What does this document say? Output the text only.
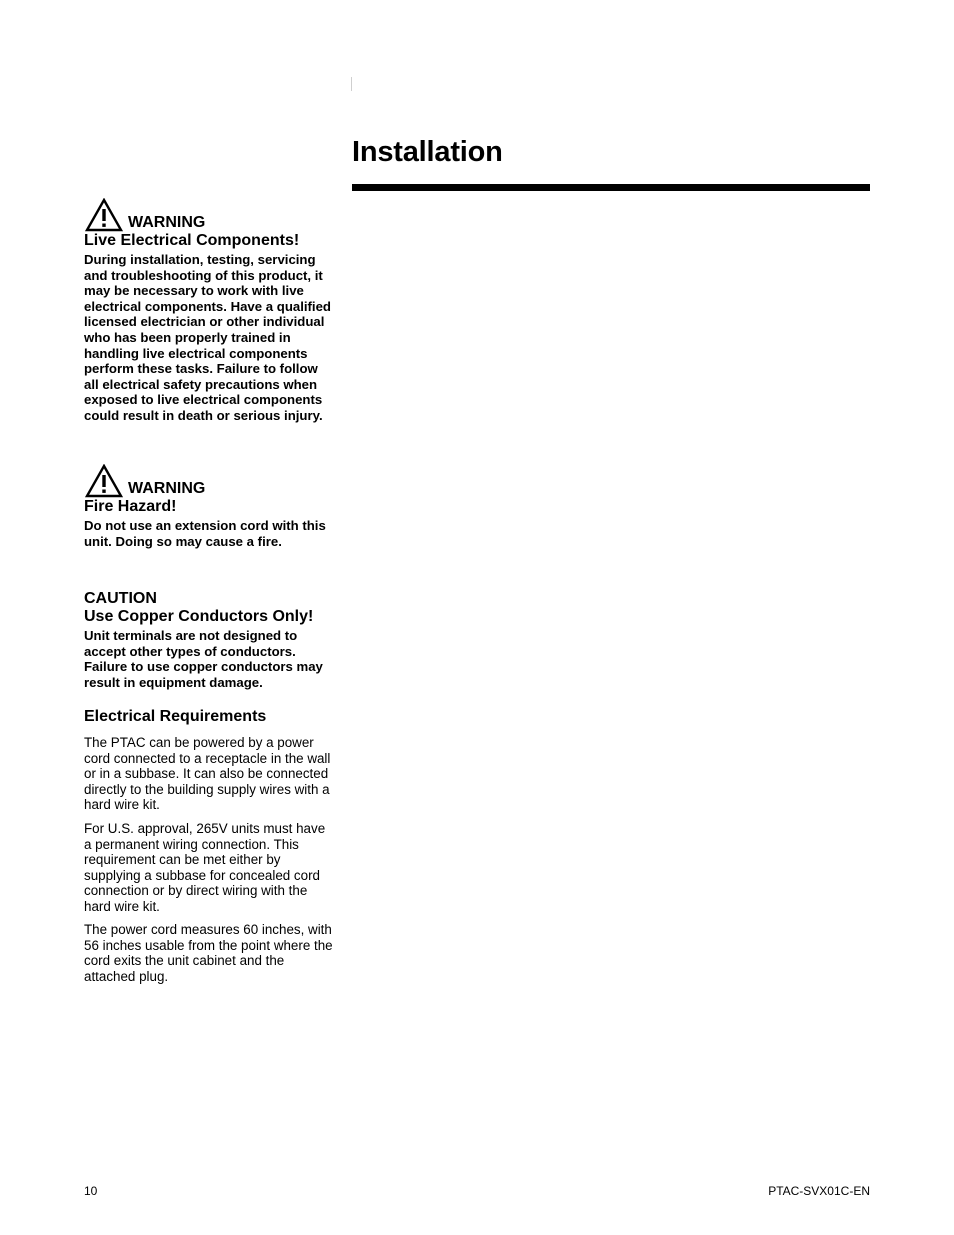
Installation
WARNING
Live Electrical Components!

During installation, testing, servicing and troubleshooting of this product, it may be necessary to work with live electrical components. Have a qualified licensed electrician or other individual who has been properly trained in handling live electrical components perform these tasks. Failure to follow all electrical safety precautions when exposed to live electrical components could result in death or serious injury.

WARNING
Fire Hazard!

Do not use an extension cord with this unit. Doing so may cause a fire.

CAUTION
Use Copper Conductors Only!

Unit terminals are not designed to accept other types of conductors. Failure to use copper conductors may result in equipment damage.

Electrical Requirements

The PTAC can be powered by a power cord connected to a receptacle in the wall or in a subbase. It can also be connected directly to the building supply wires with a hard wire kit.

For U.S. approval, 265V units must have a permanent wiring connection. This requirement can be met either by supplying a subbase for concealed cord connection or by direct wiring with the hard wire kit.

The power cord measures 60 inches, with 56 inches usable from the point where the cord exits the unit cabinet and the attached plug.

10	PTAC-SVX01C-EN
